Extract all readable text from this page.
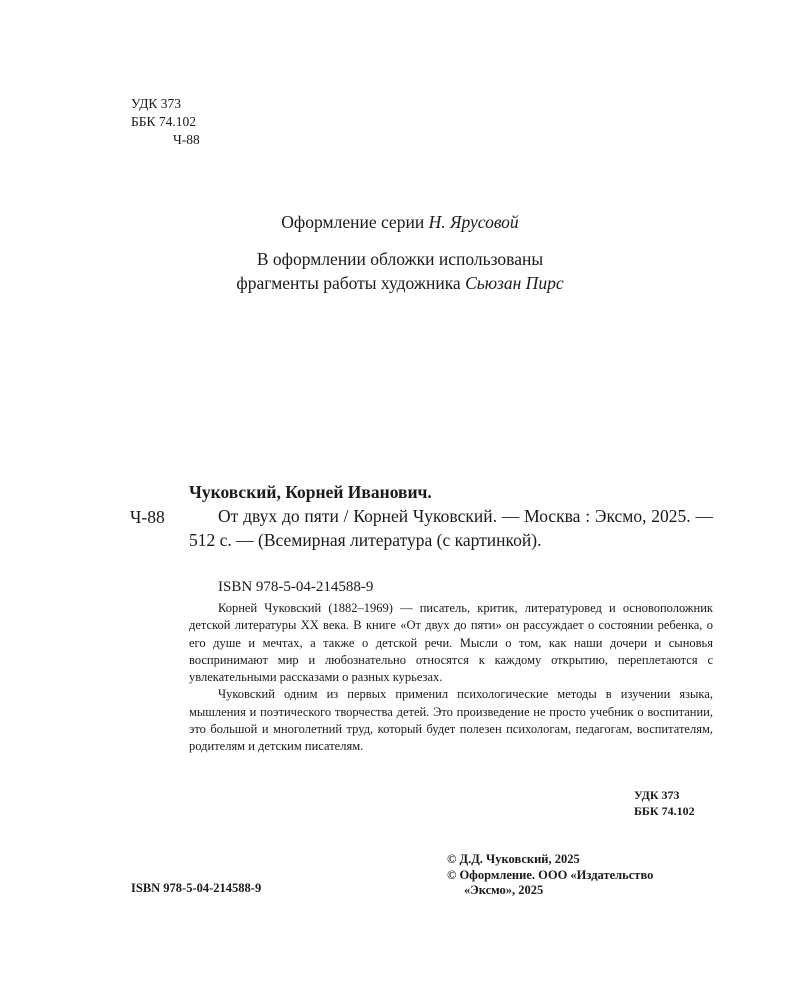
УДК 373
ББК 74.102
Ч-88
Оформление серии Н. Ярусовой
В оформлении обложки использованы
фрагменты работы художника Сьюзан Пирс
Чуковский, Корней Иванович.
Ч-88	От двух до пяти / Корней Чуковский. — Москва : Эксмо, 2025. — 512 с. — (Всемирная литература (с картинкой).
ISBN 978-5-04-214588-9

Корней Чуковский (1882–1969) — писатель, критик, литературовед и основоположник детской литературы XX века. В книге «От двух до пяти» он рассуждает о состоянии ребенка, о его душе и мечтах, а также о детской речи. Мысли о том, как наши дочери и сыновья воспринимают мир и любознательно относятся к каждому открытию, переплетаются с увлекательными рассказами о разных курьезах.

Чуковский одним из первых применил психологические методы в изучении языка, мышления и поэтического творчества детей. Это произведение не просто учебник о воспитании, это большой и многолетний труд, который будет полезен психологам, педагогам, воспитателям, родителям и детским писателям.

УДК 373
ББК 74.102
ISBN 978-5-04-214588-9
© Д.Д. Чуковский, 2025
© Оформление. ООО «Издательство
«Эксмо», 2025
